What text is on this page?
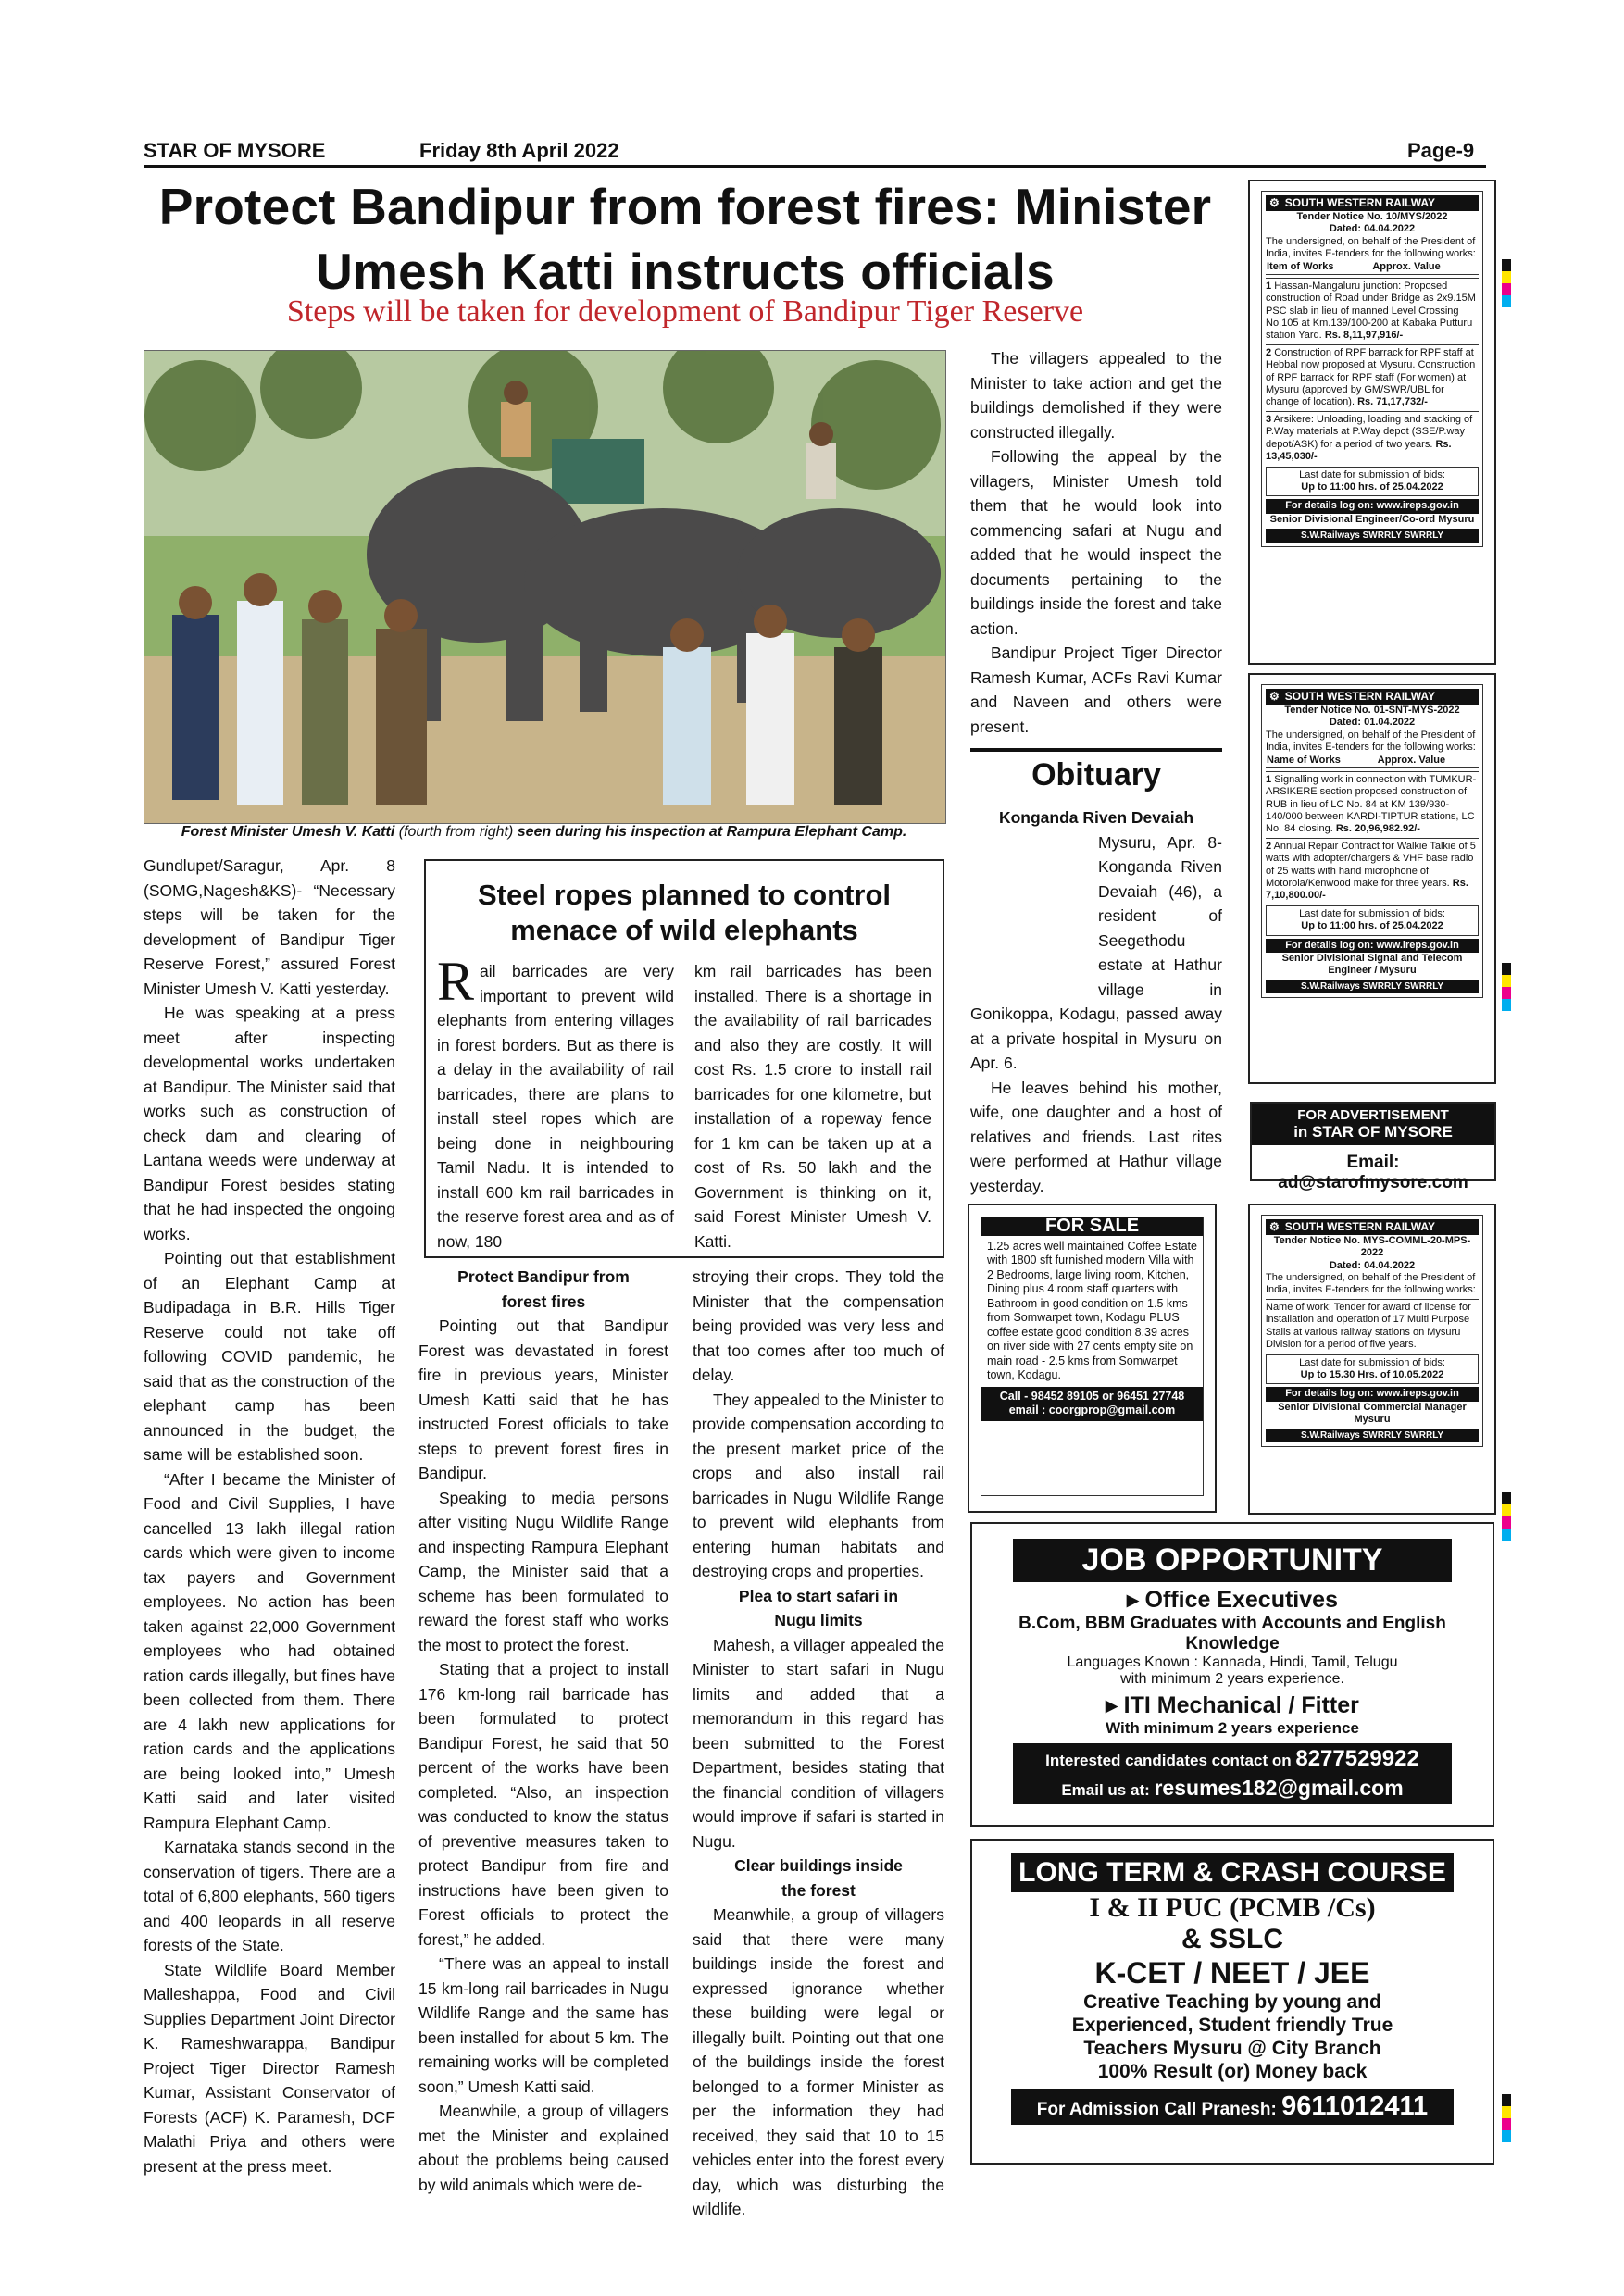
STAR OF MYSORE	Friday 8th April 2022	Page-9
Protect Bandipur from forest fires: Minister Umesh Katti instructs officials
Steps will be taken for development of Bandipur Tiger Reserve
Forest Minister Umesh V. Katti (fourth from right) seen during his inspection at Rampura Elephant Camp.

Gundlupet/Saragur, Apr. 8 (SOMG,Nagesh&KS)- “Necessary steps will be taken for the development of Bandipur Tiger Reserve Forest,” assured Forest Minister Umesh V. Katti yesterday.

He was speaking at a press meet after inspecting developmental works undertaken at Bandipur. The Minister said that works such as construction of check dam and clearing of Lantana weeds were underway at Bandipur Forest besides stating that he had inspected the ongoing works.

Pointing out that establishment of an Elephant Camp at Budipadaga in B.R. Hills Tiger Reserve could not take off following COVID pandemic, he said that as the construction of the elephant camp has been announced in the budget, the same will be established soon.

“After I became the Minister of Food and Civil Supplies, I have cancelled 13 lakh illegal ration cards which were given to income tax payers and Government employees. No action has been taken against 22,000 Government employees who had obtained ration cards illegally, but fines have been collected from them. There are 4 lakh new applications for ration cards and the applications are being looked into,” Umesh Katti said and later visited Rampura Elephant Camp.

Karnataka stands second in the conservation of tigers. There are a total of 6,800 elephants, 560 tigers and 400 leopards in all reserve forests of the State.

State Wildlife Board Member Malleshappa, Food and Civil Supplies Department Joint Director K. Rameshwarappa, Bandipur Project Tiger Director Ramesh Kumar, Assistant Conservator of Forests (ACF) K. Paramesh, DCF Malathi Priya and others were present at the press meet.

Steel ropes planned to control menace of wild elephants

Rail barricades are very important to prevent wild elephants from entering villages in forest borders. But as there is a delay in the availability of rail barricades, there are plans to install steel ropes which are being done in neighbouring Tamil Nadu. It is intended to install 600 km rail barricades in the reserve forest area and as of now, 180

km rail barricades has been installed. There is a shortage in the availability of rail barricades and also they are costly. It will cost Rs. 1.5 crore to install rail barricades for one kilometre, but installation of a ropeway fence for 1 km can be taken up at a cost of Rs. 50 lakh and the Government is thinking on it, said Forest Minister Umesh V. Katti.

Protect Bandipur from forest fires

Pointing out that Bandipur Forest was devastated in forest fire in previous years, Minister Umesh Katti said that he has instructed Forest officials to take steps to prevent forest fires in Bandipur.

Speaking to media persons after visiting Nugu Wildlife Range and inspecting Rampura Elephant Camp, the Minister said that a scheme has been formulated to reward the forest staff who works the most to protect the forest.

Stating that a project to install 176 km-long rail barricade has been formulated to protect Bandipur Forest, he said that 50 percent of the works have been completed. “Also, an inspection was conducted to know the status of preventive measures taken to protect Bandipur from fire and instructions have been given to Forest officials to protect the forest,” he added.

“There was an appeal to install 15 km-long rail barricades in Nugu Wildlife Range and the same has been installed for about 5 km. The remaining works will be completed soon,” Umesh Katti said.

Meanwhile, a group of villagers met the Minister and explained about the problems being caused by wild animals which were de-

stroying their crops. They told the Minister that the compensation being provided was very less and that too comes after too much of delay.

They appealed to the Minister to provide compensation according to the present market price of the crops and also install rail barricades in Nugu Wildlife Range to prevent wild elephants from entering human habitats and destroying crops and properties.

Plea to start safari in Nugu limits

Mahesh, a villager appealed the Minister to start safari in Nugu limits and added that a memorandum in this regard has been submitted to the Forest Department, besides stating that the financial condition of villagers would improve if safari is started in Nugu.

Clear buildings inside the forest

Meanwhile, a group of villagers said that there were many buildings inside the forest and expressed ignorance whether these building were legal or illegally built. Pointing out that one of the buildings inside the forest belonged to a former Minister as per the information they had received, they said that 10 to 15 vehicles enter into the forest every day, which was disturbing the wildlife.

The villagers appealed to the Minister to take action and get the buildings demolished if they were constructed illegally.

Following the appeal by the villagers, Minister Umesh told them that he would look into commencing safari at Nugu and added that he would inspect the documents pertaining to the buildings inside the forest and take action.

Bandipur Project Tiger Director Ramesh Kumar, ACFs Ravi Kumar and Naveen and others were present.

Obituary

Konganda Riven Devaiah

Mysuru, Apr. 8- Konganda Riven Devaiah (46), a resident of Seegethodu estate at Hathur village in Gonikoppa, Kodagu, passed away at a private hospital in Mysuru on Apr. 6.

He leaves behind his mother, wife, one daughter and a host of relatives and friends. Last rites were performed at Hathur village yesterday.

⚙ SOUTH WESTERN RAILWAY
Tender Notice No. 10/MYS/2022
Dated: 04.04.2022
The undersigned, on behalf of the President of India, invites E-tenders for the following works:
Item of Works	Approx. Value
1 Hassan-Mangaluru junction: Proposed construction of Road under Bridge as 2x9.15M PSC slab in lieu of manned Level Crossing No.105 at Km.139/100-200 at Kabaka Putturu station Yard. Rs. 8,11,97,916/-
2 Construction of RPF barrack for RPF staff at Hebbal now proposed at Mysuru. Construction of RPF barrack for RPF staff (For women) at Mysuru (approved by GM/SWR/UBL for change of location). Rs. 71,17,732/-
3 Arsikere: Unloading, loading and stacking of P.Way materials at P.Way depot (SSE/P.way depot/ASK) for a period of two years. Rs. 13,45,030/-
Last date for submission of bids:
Up to 11:00 hrs. of 25.04.2022
For details log on: www.ireps.gov.in
Senior Divisional Engineer/Co-ord Mysuru
S.W.Railways SWRRLY SWRRLY
⚙ SOUTH WESTERN RAILWAY
Tender Notice No. 01-SNT-MYS-2022
Dated: 01.04.2022
The undersigned, on behalf of the President of India, invites E-tenders for the following works:
Name of Works	Approx. Value
1 Signalling work in connection with TUMKUR-ARSIKERE section proposed construction of RUB in lieu of LC No. 84 at KM 139/930-140/000 between KARDI-TIPTUR stations, LC No. 84 closing. Rs. 20,96,982.92/-
2 Annual Repair Contract for Walkie Talkie of 5 watts with adopter/chargers & VHF base radio of 25 watts with hand microphone of Motorola/Kenwood make for three years. Rs. 7,10,800.00/-
Last date for submission of bids:
Up to 11:00 hrs. of 25.04.2022
For details log on: www.ireps.gov.in
Senior Divisional Signal and Telecom Engineer / Mysuru
S.W.Railways SWRRLY SWRRLY
FOR ADVERTISEMENT
in STAR OF MYSORE
Email: ad@starofmysore.com
⚙ SOUTH WESTERN RAILWAY
Tender Notice No. MYS-COMML-20-MPS-2022
Dated: 04.04.2022
The undersigned, on behalf of the President of India, invites E-tenders for the following works:
Name of work: Tender for award of license for installation and operation of 17 Multi Purpose Stalls at various railway stations on Mysuru Division for a period of five years.
Last date for submission of bids:
Up to 15.30 Hrs. of 10.05.2022
For details log on: www.ireps.gov.in
Senior Divisional Commercial Manager Mysuru
S.W.Railways SWRRLY SWRRLY
FOR SALE
1.25 acres well maintained Coffee Estate with 1800 sft furnished modern Villa with 2 Bedrooms, large living room, Kitchen, Dining plus 4 room staff quarters with Bathroom in good condition on 1.5 kms from Somwarpet town, Kodagu PLUS coffee estate good condition 8.39 acres on river side with 27 cents empty site on main road - 2.5 kms from Somwarpet town, Kodagu.
Call - 98452 89105 or 96451 27748
email : coorgprop@gmail.com
JOB OPPORTUNITY
▸ Office Executives
B.Com, BBM Graduates with Accounts and English Knowledge
Languages Known : Kannada, Hindi, Tamil, Telugu
with minimum 2 years experience.
▸ ITI Mechanical / Fitter
With minimum 2 years experience
Interested candidates contact on 8277529922
Email us at: resumes182@gmail.com
LONG TERM & CRASH COURSE
I & II PUC (PCMB /Cs)
& SSLC
K-CET / NEET / JEE
Creative Teaching by young and
Experienced, Student friendly True
Teachers Mysuru @ City Branch
100% Result (or) Money back
For Admission Call Pranesh: 9611012411
